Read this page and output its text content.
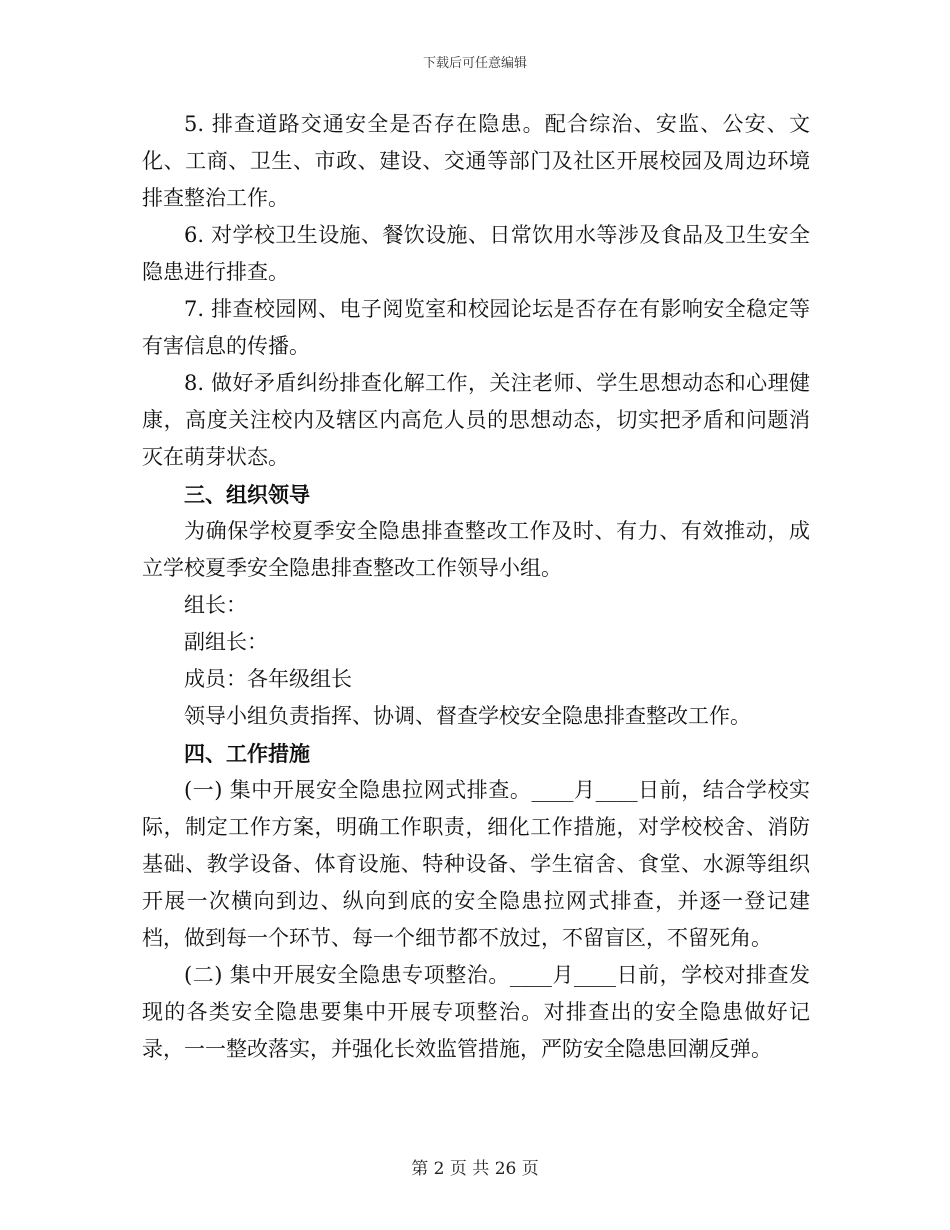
下载后可任意编辑

5. 排查道路交通安全是否存在隐患。配合综治、安监、公安、文化、工商、卫生、市政、建设、交通等部门及社区开展校园及周边环境排查整治工作。

6. 对学校卫生设施、餐饮设施、日常饮用水等涉及食品及卫生安全隐患进行排查。

7. 排查校园网、电子阅览室和校园论坛是否存在有影响安全稳定等有害信息的传播。

8. 做好矛盾纠纷排查化解工作，关注老师、学生思想动态和心理健康，高度关注校内及辖区内高危人员的思想动态，切实把矛盾和问题消灭在萌芽状态。

三、组织领导

为确保学校夏季安全隐患排查整改工作及时、有力、有效推动，成立学校夏季安全隐患排查整改工作领导小组。

组长：

副组长：

成员：各年级组长

领导小组负责指挥、协调、督查学校安全隐患排查整改工作。

四、工作措施

(一) 集中开展安全隐患拉网式排查。____月____日前，结合学校实际，制定工作方案，明确工作职责，细化工作措施，对学校校舍、消防基础、教学设备、体育设施、特种设备、学生宿舍、食堂、水源等组织开展一次横向到边、纵向到底的安全隐患拉网式排查，并逐一登记建档，做到每一个环节、每一个细节都不放过，不留盲区，不留死角。

(二) 集中开展安全隐患专项整治。____月____日前，学校对排查发现的各类安全隐患要集中开展专项整治。对排查出的安全隐患做好记录，一一整改落实，并强化长效监管措施，严防安全隐患回潮反弹。

第 2 页 共 26 页
